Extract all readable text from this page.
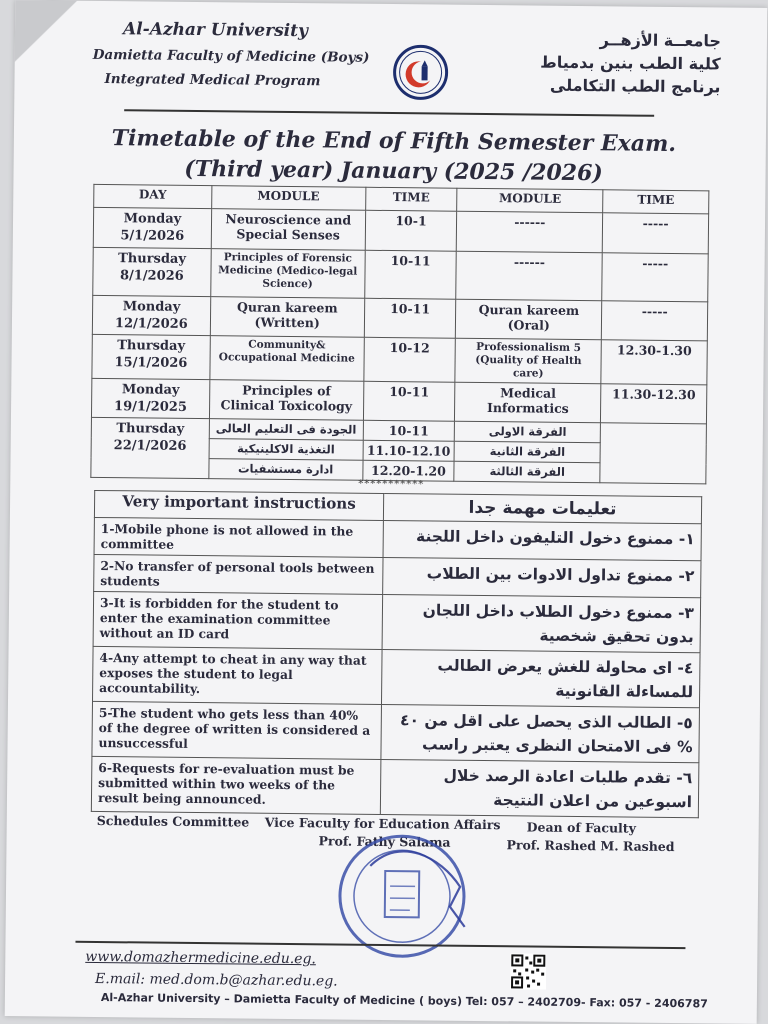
Al-Azhar University
Damietta Faculty of Medicine (Boys)
Integrated Medical Program
جامعــة الأزهــر
كلية الطب بنين بدمياط
برنامج الطب التكاملى
Timetable of the End of Fifth Semester Exam.
(Third year) January (2025 /2026)
DAY	MODULE	TIME	MODULE	TIME

Monday
5/1/2026	Neuroscience and Special Senses	10-1	------	-----

Thursday
8/1/2026	Principles of Forensic Medicine (Medico-legal Science)	10-11	------	-----

Monday
12/1/2026	Quran kareem (Written)	10-11	Quran kareem (Oral)	-----

Thursday
15/1/2026	Community& Occupational Medicine	10-12	Professionalism 5 (Quality of Health care)	12.30-1.30

Monday
19/1/2025	Principles of Clinical Toxicology	10-11	Medical Informatics	11.30-12.30

Thursday
22/1/2026	الجودة فى التعليم العالى	10-11	الفرقة الاولى	
	التغذية الاكلينيكية	11.10-12.10	الفرقة الثانية	
	ادارة مستشفيات	12.20-1.20	الفرقة الثالثة	
***********
Very important instructions	تعليمات مهمة جدا
1-Mobile phone is not allowed in the committee	١- ممنوع دخول التليفون داخل اللجنة
2-No transfer of personal tools between students	٢- ممنوع تداول الادوات بين الطلاب
3-It is forbidden for the student to enter the examination committee without an ID card	٣- ممنوع دخول الطلاب داخل اللجان بدون تحقيق شخصية
4-Any attempt to cheat in any way that exposes the student to legal accountability.	٤- اى محاولة للغش يعرض الطالب للمساءلة القانونية
5-The student who gets less than 40% of the degree of written is considered a unsuccessful	٥- الطالب الذى يحصل على اقل من ٤٠ % فى الامتحان النظرى يعتبر راسب
6-Requests for re-evaluation must be submitted within two weeks of the result being announced.	٦- تقدم طلبات اعادة الرصد خلال اسبوعين من اعلان النتيجة
Schedules Committee Vice Faculty for Education Affairs
Prof. Fathy Salama
Dean of Faculty
Prof. Rashed M. Rashed
www.domazhermedicine.edu.eg.
E.mail: med.dom.b@azhar.edu.eg.
Al-Azhar University – Damietta Faculty of Medicine ( boys) Tel: 057 – 2402709- Fax: 057 - 2406787
